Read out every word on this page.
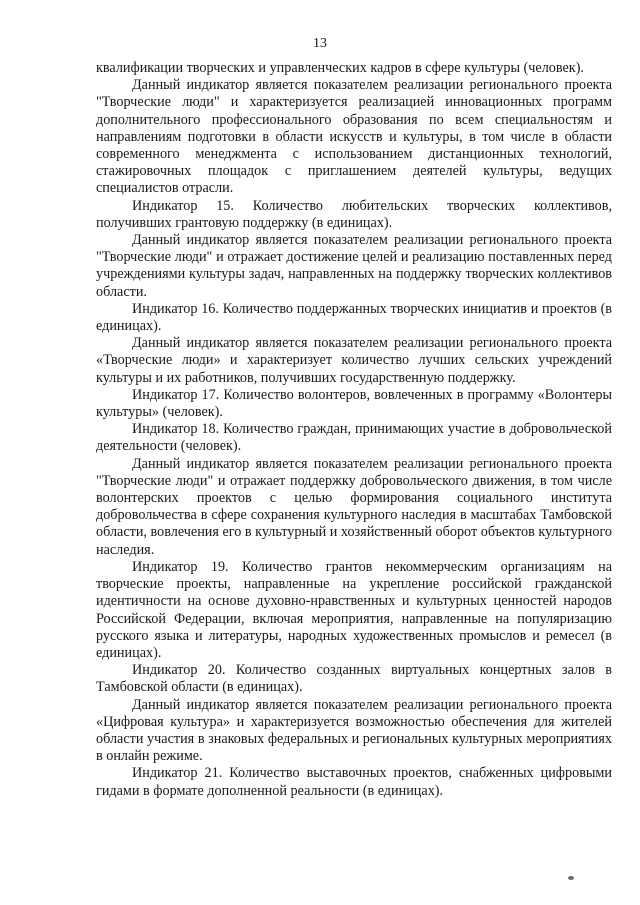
13

квалификации творческих и управленческих кадров в сфере культуры (человек).

Данный индикатор является показателем реализации регионального проекта "Творческие люди" и характеризуется реализацией инновационных программ дополнительного профессионального образования по всем специальностям и направлениям подготовки в области искусств и культуры, в том числе в области современного менеджмента с использованием дистанционных технологий, стажировочных площадок с приглашением деятелей культуры, ведущих специалистов отрасли.

Индикатор 15. Количество любительских творческих коллективов, получивших грантовую поддержку (в единицах).

Данный индикатор является показателем реализации регионального проекта "Творческие люди" и отражает достижение целей и реализацию поставленных перед учреждениями культуры задач, направленных на поддержку творческих коллективов области.

Индикатор 16. Количество поддержанных творческих инициатив и проектов (в единицах).

Данный индикатор является показателем реализации регионального проекта «Творческие люди» и характеризует количество лучших сельских учреждений культуры и их работников, получивших государственную поддержку.

Индикатор 17. Количество волонтеров, вовлеченных в программу «Волонтеры культуры» (человек).

Индикатор 18. Количество граждан, принимающих участие в добровольческой деятельности (человек).

Данный индикатор является показателем реализации регионального проекта "Творческие люди" и отражает поддержку добровольческого движения, в том числе волонтерских проектов с целью формирования социального института добровольчества в сфере сохранения культурного наследия в масштабах Тамбовской области, вовлечения его в культурный и хозяйственный оборот объектов культурного наследия.

Индикатор 19. Количество грантов некоммерческим организациям на творческие проекты, направленные на укрепление российской гражданской идентичности на основе духовно-нравственных и культурных ценностей народов Российской Федерации, включая мероприятия, направленные на популяризацию русского языка и литературы, народных художественных промыслов и ремесел (в единицах).

Индикатор 20. Количество созданных виртуальных концертных залов в Тамбовской области (в единицах).

Данный индикатор является показателем реализации регионального проекта «Цифровая культура» и характеризуется возможностью обеспечения для жителей области участия в знаковых федеральных и региональных культурных мероприятиях в онлайн режиме.

Индикатор 21. Количество выставочных проектов, снабженных цифровыми гидами в формате дополненной реальности (в единицах).
